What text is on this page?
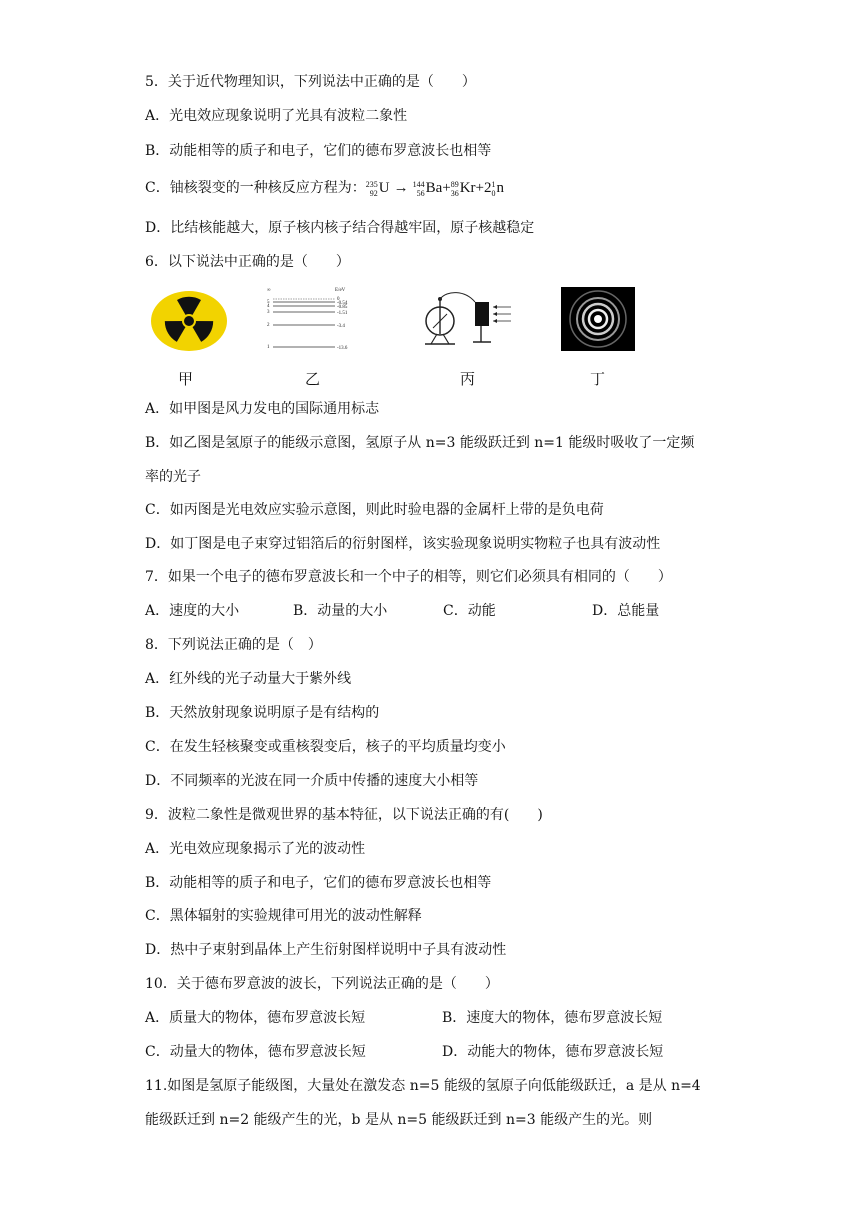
5．关于近代物理知识，下列说法中正确的是（　　）
A．光电效应现象说明了光具有波粒二象性
B．动能相等的质子和电子，它们的德布罗意波长也相等
C．铀核裂变的一种核反应方程为： 235
92 U → 144
56 Ba+ 89
36 Kr+2 1
0 n
D．比结核能越大，原子核内核子结合得越牢固，原子核越稳定
6．以下说法中正确的是（　　）
∞	E/eV
5
4
3
2
1
0
-0.54
-0.85
-1.51
-3.4
-13.6
甲	乙	丙	丁
A．如甲图是风力发电的国际通用标志
B．如乙图是氢原子的能级示意图，氢原子从 n=3 能级跃迁到 n=1 能级时吸收了一定频
率的光子
C．如丙图是光电效应实验示意图，则此时验电器的金属杆上带的是负电荷
D．如丁图是电子束穿过铝箔后的衍射图样，该实验现象说明实物粒子也具有波动性
7．如果一个电子的德布罗意波长和一个中子的相等，则它们必须具有相同的（　　）
A．速度的大小	B．动量的大小	C．动能	D．总能量
8．下列说法正确的是（　）
A．红外线的光子动量大于紫外线
B．天然放射现象说明原子是有结构的
C．在发生轻核聚变或重核裂变后，核子的平均质量均变小
D．不同频率的光波在同一介质中传播的速度大小相等
9．波粒二象性是微观世界的基本特征，以下说法正确的有(　　)
A．光电效应现象揭示了光的波动性
B．动能相等的质子和电子，它们的德布罗意波长也相等
C．黑体辐射的实验规律可用光的波动性解释
D．热中子束射到晶体上产生衍射图样说明中子具有波动性
10．关于德布罗意波的波长，下列说法正确的是（　　）
A．质量大的物体，德布罗意波长短	B．速度大的物体，德布罗意波长短
C．动量大的物体，德布罗意波长短	D．动能大的物体，德布罗意波长短
11.如图是氢原子能级图，大量处在激发态 n=5 能级的氢原子向低能级跃迁，a 是从 n=4
能级跃迁到 n=2 能级产生的光，b 是从 n=5 能级跃迁到 n=3 能级产生的光。则
